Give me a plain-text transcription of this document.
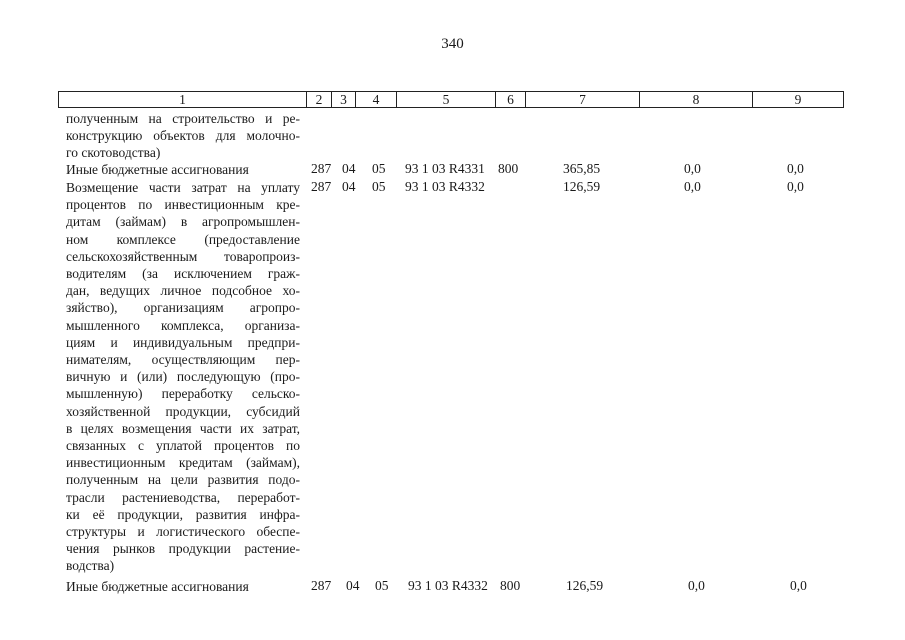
340
1	2	3	4	5	6	7	8	9
полученным на строительство и ре-
конструкцию объектов для молочно-
го скотоводства)
Иные бюджетные ассигнования	287 04 05 93 1 03 R4331 800	365,85	0,0	0,0
Возмещение части затрат на уплату
процентов по инвестиционным кре-
дитам (займам) в агропромышлен-
ном комплексе (предоставление
сельскохозяйственным товаропроиз-
водителям (за исключением граж-
дан, ведущих личное подсобное хо-
зяйство), организациям агропро-
мышленного комплекса, организа-
циям и индивидуальным предпри-
нимателям, осуществляющим пер-
вичную и (или) последующую (про-
мышленную) переработку сельско-
хозяйственной продукции, субсидий
в целях возмещения части их затрат,
связанных с уплатой процентов по
инвестиционным кредитам (займам),
полученным на цели развития подо-
трасли растениеводства, переработ-
ки её продукции, развития инфра-
структуры и логистического обеспе-
чения рынков продукции растение-
водства)
287 04 05 93 1 03 R4332	126,59	0,0	0,0
Иные бюджетные ассигнования	287 04 05 93 1 03 R4332 800	126,59	0,0	0,0
